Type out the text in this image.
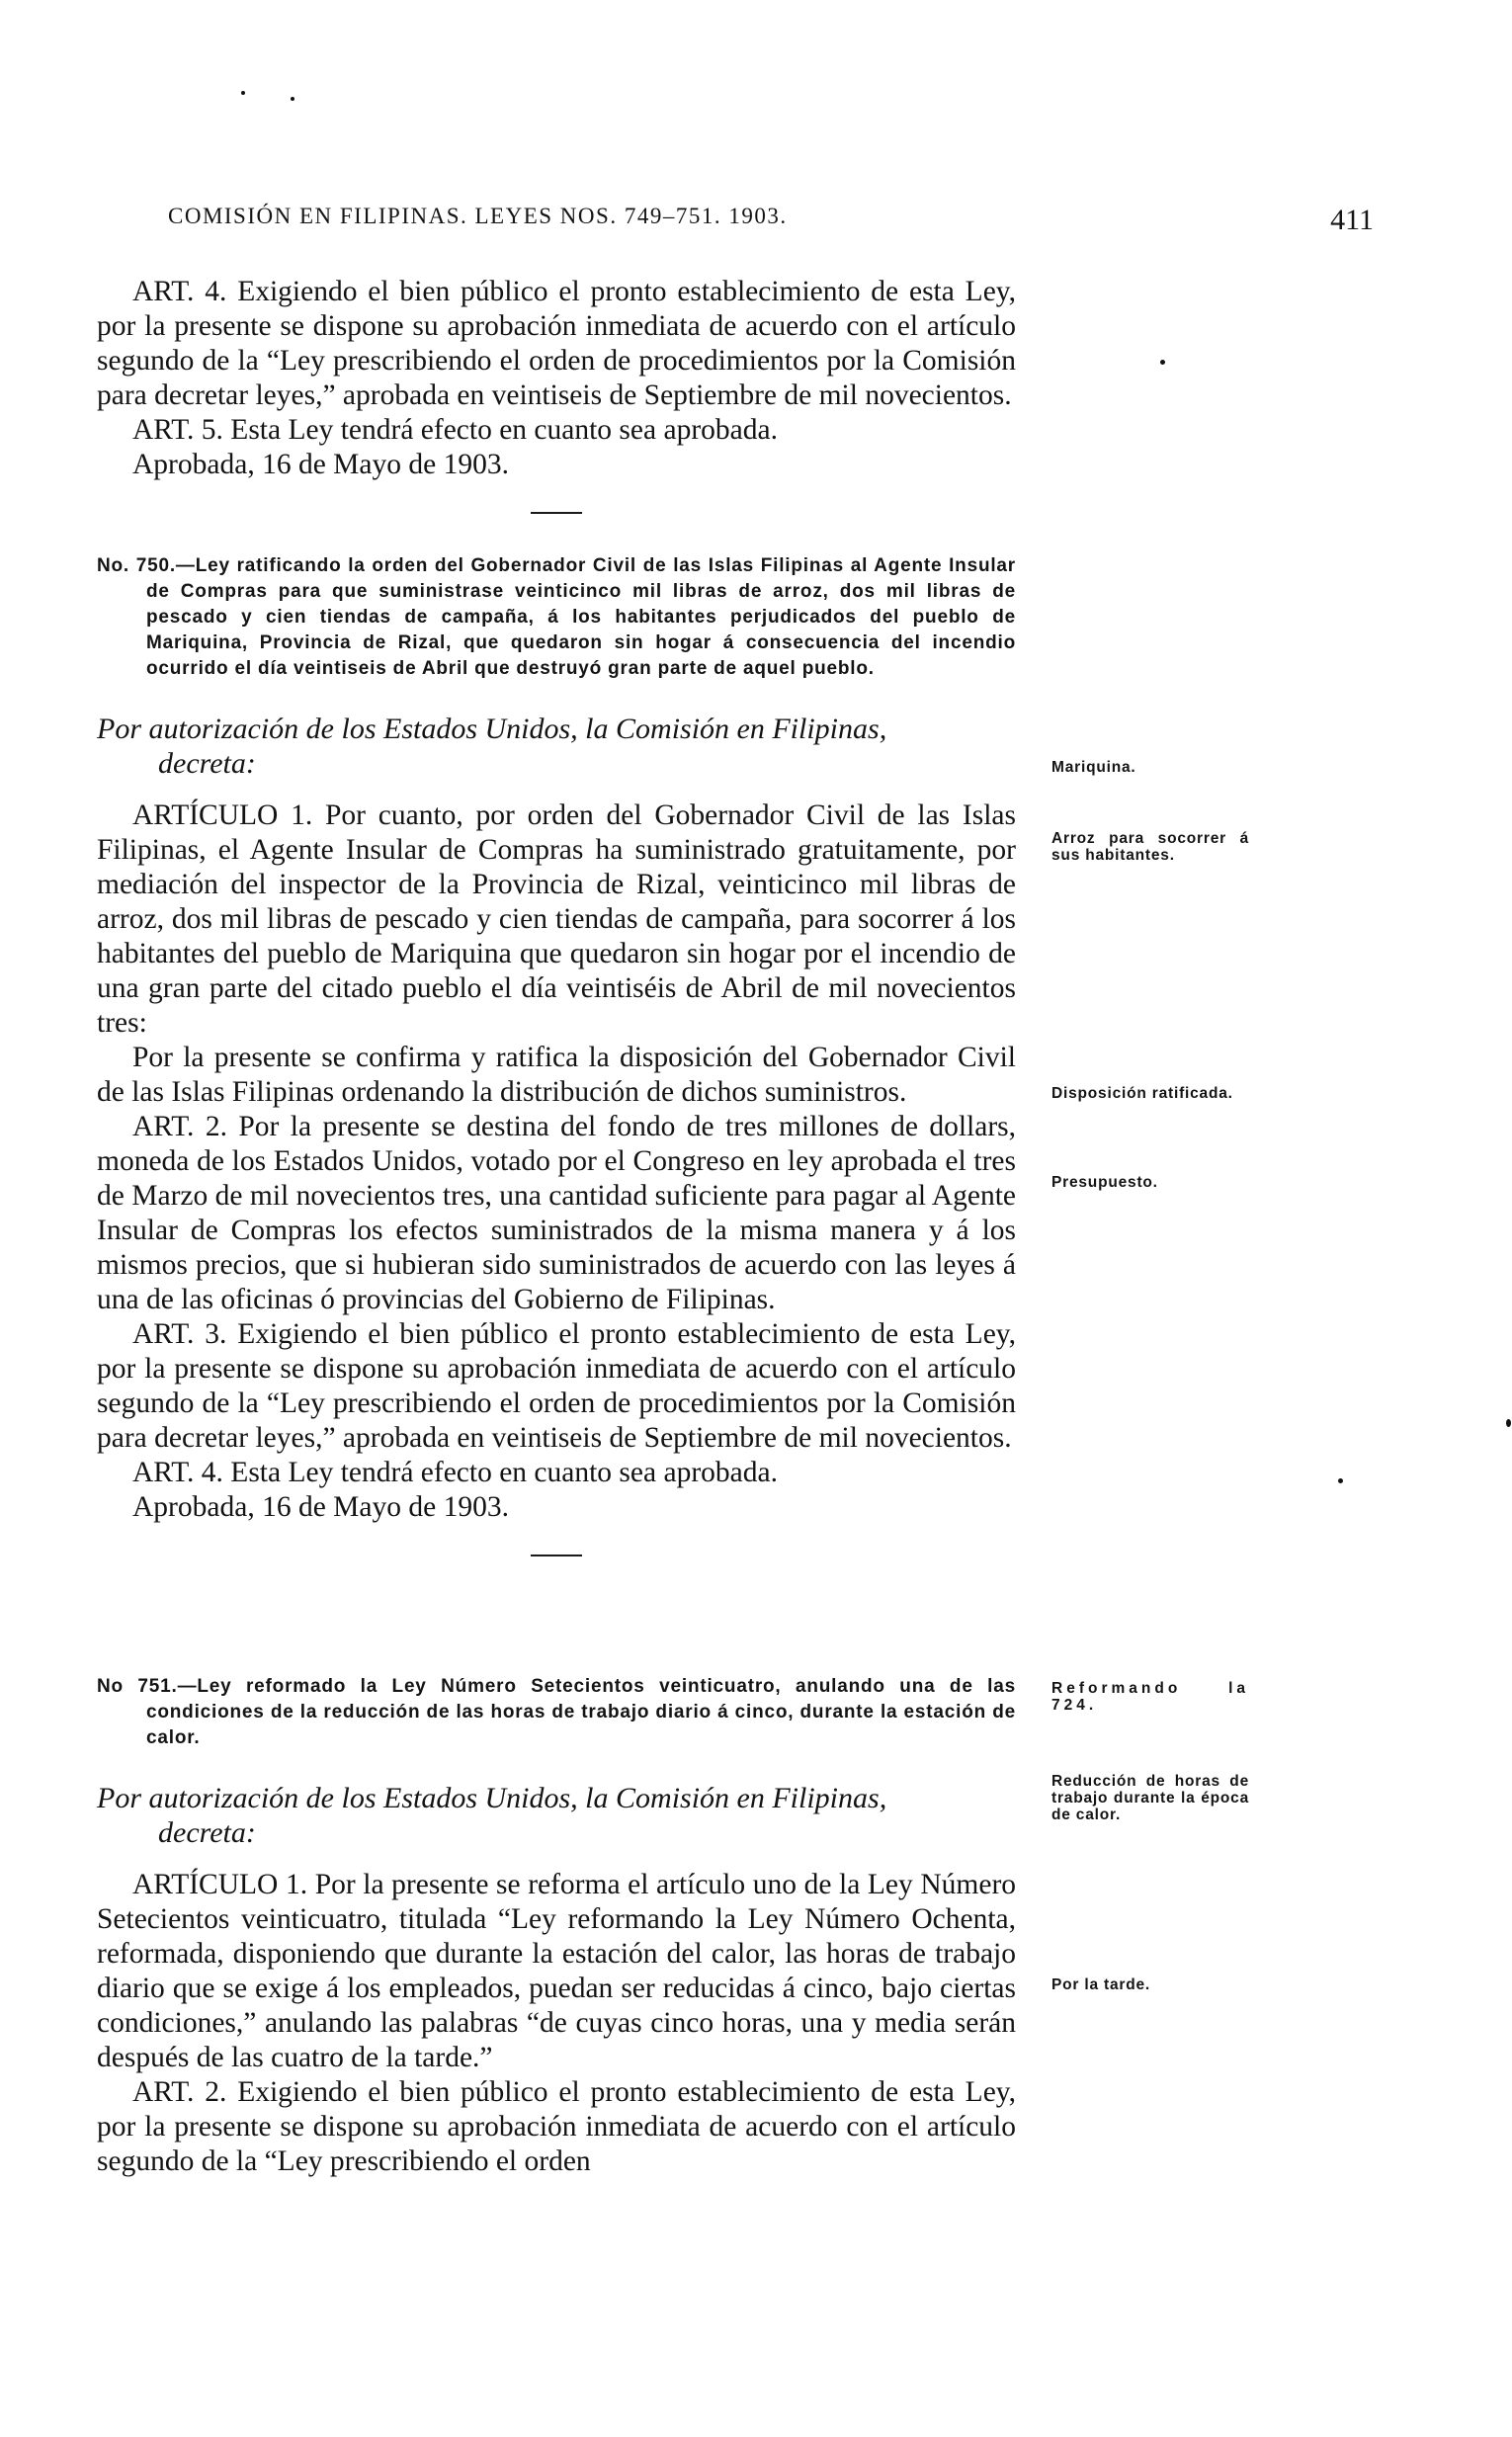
COMISIÓN EN FILIPINAS. LEYES NOS. 749–751. 1903.	411

ART. 4. Exigiendo el bien público el pronto establecimiento de esta Ley, por la presente se dispone su aprobación inmediata de acuerdo con el artículo segundo de la “Ley prescribiendo el orden de procedimientos por la Comisión para decretar leyes,” aprobada en veintiseis de Septiembre de mil novecientos.

ART. 5. Esta Ley tendrá efecto en cuanto sea aprobada.

Aprobada, 16 de Mayo de 1903.

No. 750.—Ley ratificando la orden del Gobernador Civil de las Islas Filipinas al Agente Insular de Compras para que suministrase veinticinco mil libras de arroz, dos mil libras de pescado y cien tiendas de campaña, á los habitantes perjudicados del pueblo de Mariquina, Provincia de Rizal, que quedaron sin hogar á consecuencia del incendio ocurrido el día veintiseis de Abril que destruyó gran parte de aquel pueblo.

Por autorización de los Estados Unidos, la Comisión en Filipinas,
decreta:

ARTÍCULO 1. Por cuanto, por orden del Gobernador Civil de las Islas Filipinas, el Agente Insular de Compras ha suministrado gratuitamente, por mediación del inspector de la Provincia de Rizal, veinticinco mil libras de arroz, dos mil libras de pescado y cien tiendas de campaña, para socorrer á los habitantes del pueblo de Mariquina que quedaron sin hogar por el incendio de una gran parte del citado pueblo el día veintiséis de Abril de mil novecientos tres:

Por la presente se confirma y ratifica la disposición del Gobernador Civil de las Islas Filipinas ordenando la distribución de dichos suministros.

ART. 2. Por la presente se destina del fondo de tres millones de dollars, moneda de los Estados Unidos, votado por el Congreso en ley aprobada el tres de Marzo de mil novecientos tres, una cantidad suficiente para pagar al Agente Insular de Compras los efectos suministrados de la misma manera y á los mismos precios, que si hubieran sido suministrados de acuerdo con las leyes á una de las oficinas ó provincias del Gobierno de Filipinas.

ART. 3. Exigiendo el bien público el pronto establecimiento de esta Ley, por la presente se dispone su aprobación inmediata de acuerdo con el artículo segundo de la “Ley prescribiendo el orden de procedimientos por la Comisión para decretar leyes,” aprobada en veintiseis de Septiembre de mil novecientos.

ART. 4. Esta Ley tendrá efecto en cuanto sea aprobada.

Aprobada, 16 de Mayo de 1903.

No 751.—Ley reformado la Ley Número Setecientos veinticuatro, anulando una de las condiciones de la reducción de las horas de trabajo diario á cinco, durante la estación de calor.

Por autorización de los Estados Unidos, la Comisión en Filipinas,
decreta:

ARTÍCULO 1. Por la presente se reforma el artículo uno de la Ley Número Setecientos veinticuatro, titulada “Ley reformando la Ley Número Ochenta, reformada, disponiendo que durante la estación del calor, las horas de trabajo diario que se exige á los empleados, puedan ser reducidas á cinco, bajo ciertas condiciones,” anulando las palabras “de cuyas cinco horas, una y media serán después de las cuatro de la tarde.”

ART. 2. Exigiendo el bien público el pronto establecimiento de esta Ley, por la presente se dispone su aprobación inmediata de acuerdo con el artículo segundo de la “Ley prescribiendo el orden

Mariquina.
Arroz para socorrer á sus habitantes.
Disposición ratificada.
Presupuesto.
Reformando la 724.
Reducción de horas de trabajo durante la época de calor.
Por la tarde.
